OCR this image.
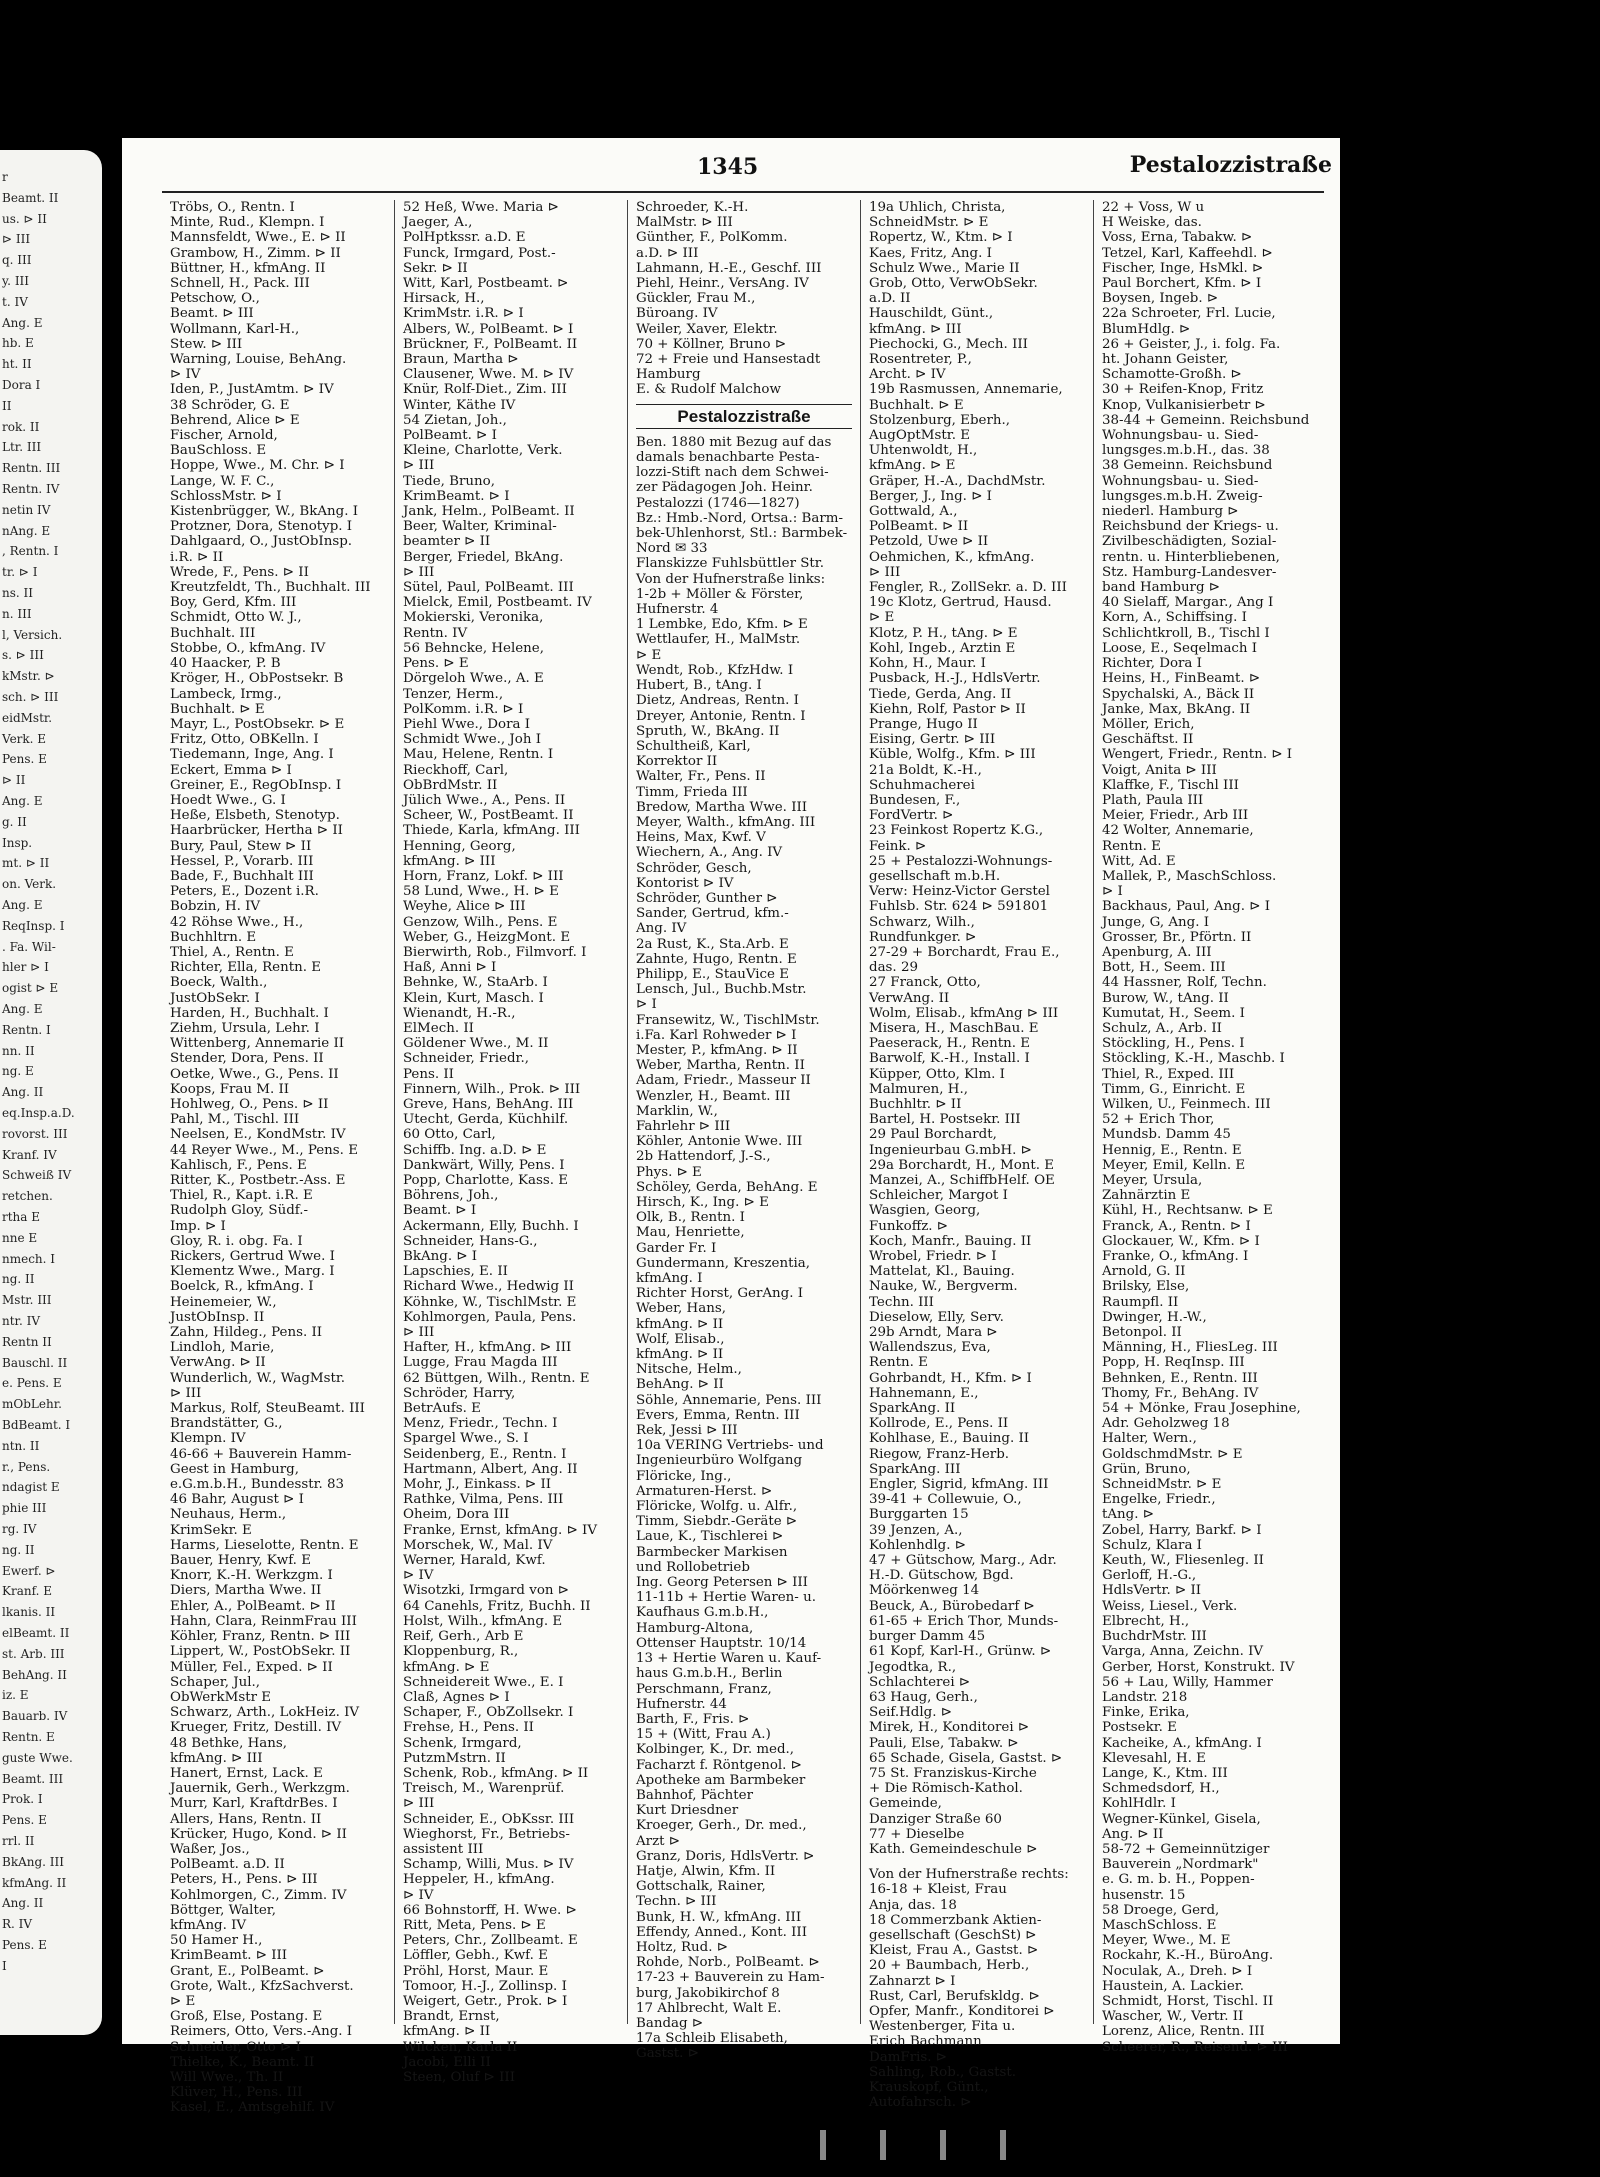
r
Beamt. II
us. ⊳ II
⊳ III
q. III
y. III
t. IV
Ang. E
hb. E
ht. II
Dora I
II
rok. II
Ltr. III
Rentn. III
Rentn. IV
netin IV
nAng. E
, Rentn. I
tr. ⊳ I
ns. II
n. III
l, Versich.
s. ⊳ III
kMstr. ⊳
sch. ⊳ III
eidMstr.
Verk. E
Pens. E
⊳ II
Ang. E
g. II
Insp.
mt. ⊳ II
on. Verk.
Ang. E
ReqInsp. I
. Fa. Wil-
hler ⊳ I
ogist ⊳ E
Ang. E
Rentn. I
nn. II
ng. E
Ang. II
eq.Insp.a.D.
rovorst. III
Kranf. IV
Schweiß IV
retchen.
rtha E
nne E
nmech. I
ng. II
Mstr. III
ntr. IV
Rentn II
Bauschl. II
e. Pens. E
mObLehr.
BdBeamt. I
ntn. II
r., Pens.
ndagist E
phie III
rg. IV
ng. II
Ewerf. ⊳
Kranf. E
lkanis. II
elBeamt. II
st. Arb. III
BehAng. II
iz. E
Bauarb. IV
Rentn. E
guste Wwe.
Beamt. III
Prok. I
Pens. E
rrl. II
BkAng. III
kfmAng. II
Ang. II
R. IV
Pens. E
I
1345	Pestalozzistraße
Tröbs, O., Rentn. I
Minte, Rud., Klempn. I
Mannsfeldt, Wwe., E. ⊳ II
Grambow, H., Zimm. ⊳ II
Büttner, H., kfmAng. II
Schnell, H., Pack. III
Petschow, O.,
Beamt. ⊳ III
Wollmann, Karl-H.,
Stew. ⊳ III
Warning, Louise, BehAng.
⊳ IV
Iden, P., JustAmtm. ⊳ IV
38 Schröder, G. E
Behrend, Alice ⊳ E
Fischer, Arnold,
BauSchloss. E
Hoppe, Wwe., M. Chr. ⊳ I
Lange, W. F. C.,
SchlossMstr. ⊳ I
Kistenbrügger, W., BkAng. I
Protzner, Dora, Stenotyp. I
Dahlgaard, O., JustObInsp.
i.R. ⊳ II
Wrede, F., Pens. ⊳ II
Kreutzfeldt, Th., Buchhalt. III
Boy, Gerd, Kfm. III
Schmidt, Otto W. J.,
Buchhalt. III
Stobbe, O., kfmAng. IV
40 Haacker, P. B
Kröger, H., ObPostsekr. B
Lambeck, Irmg.,
Buchhalt. ⊳ E
Mayr, L., PostObsekr. ⊳ E
Fritz, Otto, OBKelln. I
Tiedemann, Inge, Ang. I
Eckert, Emma ⊳ I
Greiner, E., RegObInsp. I
Hoedt Wwe., G. I
Heße, Elsbeth, Stenotyp.
Haarbrücker, Hertha ⊳ II
Bury, Paul, Stew ⊳ II
Hessel, P., Vorarb. III
Bade, F., Buchhalt III
Peters, E., Dozent i.R.
Bobzin, H. IV
42 Röhse Wwe., H.,
Buchhltrn. E
Thiel, A., Rentn. E
Richter, Ella, Rentn. E
Boeck, Walth.,
JustObSekr. I
Harden, H., Buchhalt. I
Ziehm, Ursula, Lehr. I
Wittenberg, Annemarie II
Stender, Dora, Pens. II
Oetke, Wwe., G., Pens. II
Koops, Frau M. II
Hohlweg, O., Pens. ⊳ II
Pahl, M., Tischl. III
Neelsen, E., KondMstr. IV
44 Reyer Wwe., M., Pens. E
Kahlisch, F., Pens. E
Ritter, K., Postbetr.-Ass. E
Thiel, R., Kapt. i.R. E
Rudolph Gloy, Südf.-
Imp. ⊳ I
Gloy, R. i. obg. Fa. I
Rickers, Gertrud Wwe. I
Klementz Wwe., Marg. I
Boelck, R., kfmAng. I
Heinemeier, W.,
JustObInsp. II
Zahn, Hildeg., Pens. II
Lindloh, Marie,
VerwAng. ⊳ II
Wunderlich, W., WagMstr.
⊳ III
Markus, Rolf, SteuBeamt. III
Brandstätter, G.,
Klempn. IV
46-66 + Bauverein Hamm-
Geest in Hamburg,
e.G.m.b.H., Bundesstr. 83
46 Bahr, August ⊳ I
Neuhaus, Herm.,
KrimSekr. E
Harms, Lieselotte, Rentn. E
Bauer, Henry, Kwf. E
Knorr, K.-H. Werkzgm. I
Diers, Martha Wwe. II
Ehler, A., PolBeamt. ⊳ II
Hahn, Clara, ReinmFrau III
Köhler, Franz, Rentn. ⊳ III
Lippert, W., PostObSekr. II
Müller, Fel., Exped. ⊳ II
Schaper, Jul.,
ObWerkMstr E
Schwarz, Arth., LokHeiz. IV
Krueger, Fritz, Destill. IV
48 Bethke, Hans,
kfmAng. ⊳ III
Hanert, Ernst, Lack. E
Jauernik, Gerh., Werkzgm.
Murr, Karl, KraftdrBes. I
Allers, Hans, Rentn. II
Krücker, Hugo, Kond. ⊳ II
Waßer, Jos.,
PolBeamt. a.D. II
Peters, H., Pens. ⊳ III
Kohlmorgen, C., Zimm. IV
Böttger, Walter,
kfmAng. IV
50 Hamer H.,
KrimBeamt. ⊳ III
Grant, E., PolBeamt. ⊳
Grote, Walt., KfzSachverst.
⊳ E
Groß, Else, Postang. E
Reimers, Otto, Vers.-Ang. I
Schneider, Otto ⊳ I
Thielke, K., Beamt. II
Will Wwe., Th. II
Klüver, H., Pens. III
Kasel, E., Amtsgehilf. IV
52 Heß, Wwe. Maria ⊳
Jaeger, A.,
PolHptkssr. a.D. E
Funck, Irmgard, Post.-
Sekr. ⊳ II
Witt, Karl, Postbeamt. ⊳
Hirsack, H.,
KrimMstr. i.R. ⊳ I
Albers, W., PolBeamt. ⊳ I
Brückner, F., PolBeamt. II
Braun, Martha ⊳
Clausener, Wwe. M. ⊳ IV
Knür, Rolf-Diet., Zim. III
Winter, Käthe IV
54 Zietan, Joh.,
PolBeamt. ⊳ I
Kleine, Charlotte, Verk.
⊳ III
Tiede, Bruno,
KrimBeamt. ⊳ I
Jank, Helm., PolBeamt. II
Beer, Walter, Kriminal-
beamter ⊳ II
Berger, Friedel, BkAng.
⊳ III
Sütel, Paul, PolBeamt. III
Mielck, Emil, Postbeamt. IV
Mokierski, Veronika,
Rentn. IV
56 Behncke, Helene,
Pens. ⊳ E
Dörgeloh Wwe., A. E
Tenzer, Herm.,
PolKomm. i.R. ⊳ I
Piehl Wwe., Dora I
Schmidt Wwe., Joh I
Mau, Helene, Rentn. I
Rieckhoff, Carl,
ObBrdMstr. II
Jülich Wwe., A., Pens. II
Scheer, W., PostBeamt. II
Thiede, Karla, kfmAng. III
Henning, Georg,
kfmAng. ⊳ III
Horn, Franz, Lokf. ⊳ III
58 Lund, Wwe., H. ⊳ E
Weyhe, Alice ⊳ III
Genzow, Wilh., Pens. E
Weber, G., HeizgMont. E
Bierwirth, Rob., Filmvorf. I
Haß, Anni ⊳ I
Behnke, W., StaArb. I
Klein, Kurt, Masch. I
Wienandt, H.-R.,
ElMech. II
Göldener Wwe., M. II
Schneider, Friedr.,
Pens. II
Finnern, Wilh., Prok. ⊳ III
Greve, Hans, BehAng. III
Utecht, Gerda, Küchhilf.
60 Otto, Carl,
Schiffb. Ing. a.D. ⊳ E
Dankwärt, Willy, Pens. I
Popp, Charlotte, Kass. E
Böhrens, Joh.,
Beamt. ⊳ I
Ackermann, Elly, Buchh. I
Schneider, Hans-G.,
BkAng. ⊳ I
Lapschies, E. II
Richard Wwe., Hedwig II
Köhnke, W., TischlMstr. E
Kohlmorgen, Paula, Pens.
⊳ III
Hafter, H., kfmAng. ⊳ III
Lugge, Frau Magda III
62 Büttgen, Wilh., Rentn. E
Schröder, Harry,
BetrAufs. E
Menz, Friedr., Techn. I
Spargel Wwe., S. I
Seidenberg, E., Rentn. I
Hartmann, Albert, Ang. II
Mohr, J., Einkass. ⊳ II
Rathke, Vilma, Pens. III
Oheim, Dora III
Franke, Ernst, kfmAng. ⊳ IV
Morschek, W., Mal. IV
Werner, Harald, Kwf.
⊳ IV
Wisotzki, Irmgard von ⊳
64 Canehls, Fritz, Buchh. II
Holst, Wilh., kfmAng. E
Reif, Gerh., Arb E
Kloppenburg, R.,
kfmAng. ⊳ E
Schneidereit Wwe., E. I
Claß, Agnes ⊳ I
Schaper, F., ObZollsekr. I
Frehse, H., Pens. II
Schenk, Irmgard,
PutzmMstrn. II
Schenk, Rob., kfmAng. ⊳ II
Treisch, M., Warenprüf.
⊳ III
Schneider, E., ObKssr. III
Wieghorst, Fr., Betriebs-
assistent III
Schamp, Willi, Mus. ⊳ IV
Heppeler, H., kfmAng.
⊳ IV
66 Bohnstorff, H. Wwe. ⊳
Ritt, Meta, Pens. ⊳ E
Peters, Chr., Zollbeamt. E
Löffler, Gebh., Kwf. E
Pröhl, Horst, Maur. E
Tomoor, H.-J., Zollinsp. I
Weigert, Getr., Prok. ⊳ I
Brandt, Ernst,
kfmAng. ⊳ II
Wilcken, Karla II
Jacobi, Elli II
Steen, Oluf ⊳ III
Schroeder, K.-H.
MalMstr. ⊳ III
Günther, F., PolKomm.
a.D. ⊳ III
Lahmann, H.-E., Geschf. III
Piehl, Heinr., VersAng. IV
Gückler, Frau M.,
Büroang. IV
Weiler, Xaver, Elektr.
70 + Köllner, Bruno ⊳
72 + Freie und Hansestadt
Hamburg
E. & Rudolf Malchow
Pestalozzistraße
Ben. 1880 mit Bezug auf das
damals benachbarte Pesta-
lozzi-Stift nach dem Schwei-
zer Pädagogen Joh. Heinr.
Pestalozzi (1746—1827)
Bz.: Hmb.-Nord, Ortsa.: Barm-
bek-Uhlenhorst, Stl.: Barmbek-
Nord ✉ 33
Flanskizze Fuhlsbüttler Str.
Von der Hufnerstraße links:
1-2b + Möller & Förster,
Hufnerstr. 4
1 Lembke, Edo, Kfm. ⊳ E
Wettlaufer, H., MalMstr.
⊳ E
Wendt, Rob., KfzHdw. I
Hubert, B., tAng. I
Dietz, Andreas, Rentn. I
Dreyer, Antonie, Rentn. I
Spruth, W., BkAng. II
Schultheiß, Karl,
Korrektor II
Walter, Fr., Pens. II
Timm, Frieda III
Bredow, Martha Wwe. III
Meyer, Walth., kfmAng. III
Heins, Max, Kwf. V
Wiechern, A., Ang. IV
Schröder, Gesch,
Kontorist ⊳ IV
Schröder, Gunther ⊳
Sander, Gertrud, kfm.-
Ang. IV
2a Rust, K., Sta.Arb. E
Zahnte, Hugo, Rentn. E
Philipp, E., StauVice E
Lensch, Jul., Buchb.Mstr.
⊳ I
Fransewitz, W., TischlMstr.
i.Fa. Karl Rohweder ⊳ I
Mester, P., kfmAng. ⊳ II
Weber, Martha, Rentn. II
Adam, Friedr., Masseur II
Wenzler, H., Beamt. III
Marklin, W.,
Fahrlehr ⊳ III
Köhler, Antonie Wwe. III
2b Hattendorf, J.-S.,
Phys. ⊳ E
Schöley, Gerda, BehAng. E
Hirsch, K., Ing. ⊳ E
Olk, B., Rentn. I
Mau, Henriette,
Garder Fr. I
Gundermann, Kreszentia,
kfmAng. I
Richter Horst, GerAng. I
Weber, Hans,
kfmAng. ⊳ II
Wolf, Elisab.,
kfmAng. ⊳ II
Nitsche, Helm.,
BehAng. ⊳ II
Söhle, Annemarie, Pens. III
Evers, Emma, Rentn. III
Rek, Jessi ⊳ III
10a VERING Vertriebs- und
Ingenieurbüro Wolfgang
Flöricke, Ing.,
Armaturen-Herst. ⊳
Flöricke, Wolfg. u. Alfr.,
Timm, Siebdr.-Geräte ⊳
Laue, K., Tischlerei ⊳
Barmbecker Markisen
und Rollobetrieb
Ing. Georg Petersen ⊳ III
11-11b + Hertie Waren- u.
Kaufhaus G.m.b.H.,
Hamburg-Altona,
Ottenser Hauptstr. 10/14
13 + Hertie Waren u. Kauf-
haus G.m.b.H., Berlin
Perschmann, Franz,
Hufnerstr. 44
Barth, F., Fris. ⊳
15 + (Witt, Frau A.)
Kolbinger, K., Dr. med.,
Facharzt f. Röntgenol. ⊳
Apotheke am Barmbeker
Bahnhof, Pächter
Kurt Driesdner
Kroeger, Gerh., Dr. med.,
Arzt ⊳
Granz, Doris, HdlsVertr. ⊳
Hatje, Alwin, Kfm. II
Gottschalk, Rainer,
Techn. ⊳ III
Bunk, H. W., kfmAng. III
Effendy, Anned., Kont. III
Holtz, Rud. ⊳
Rohde, Norb., PolBeamt. ⊳
17-23 + Bauverein zu Ham-
burg, Jakobikirchof 8
17 Ahlbrecht, Walt E.
Bandag ⊳
17a Schleib Elisabeth,
Gastst. ⊳
19a Uhlich, Christa,
SchneidMstr. ⊳ E
Ropertz, W., Ktm. ⊳ I
Kaes, Fritz, Ang. I
Schulz Wwe., Marie II
Grob, Otto, VerwObSekr.
a.D. II
Hauschildt, Günt.,
kfmAng. ⊳ III
Piechocki, G., Mech. III
Rosentreter, P.,
Archt. ⊳ IV
19b Rasmussen, Annemarie,
Buchhalt. ⊳ E
Stolzenburg, Eberh.,
AugOptMstr. E
Uhtenwoldt, H.,
kfmAng. ⊳ E
Gräper, H.-A., DachdMstr.
Berger, J., Ing. ⊳ I
Gottwald, A.,
PolBeamt. ⊳ II
Petzold, Uwe ⊳ II
Oehmichen, K., kfmAng.
⊳ III
Fengler, R., ZollSekr. a. D. III
19c Klotz, Gertrud, Hausd.
⊳ E
Klotz, P. H., tAng. ⊳ E
Kohl, Ingeb., Arztin E
Kohn, H., Maur. I
Pusback, H.-J., HdlsVertr.
Tiede, Gerda, Ang. II
Kiehn, Rolf, Pastor ⊳ II
Prange, Hugo II
Eising, Gertr. ⊳ III
Küble, Wolfg., Kfm. ⊳ III
21a Boldt, K.-H.,
Schuhmacherei
Bundesen, F.,
FordVertr. ⊳
23 Feinkost Ropertz K.G.,
Feink. ⊳
25 + Pestalozzi-Wohnungs-
gesellschaft m.b.H.
Verw: Heinz-Victor Gerstel
Fuhlsb. Str. 624 ⊳ 591801
Schwarz, Wilh.,
Rundfunkger. ⊳
27-29 + Borchardt, Frau E.,
das. 29
27 Franck, Otto,
VerwAng. II
Wolm, Elisab., kfmAng ⊳ III
Misera, H., MaschBau. E
Paeserack, H., Rentn. E
Barwolf, K.-H., Install. I
Küpper, Otto, Klm. I
Malmuren, H.,
Buchhltr. ⊳ II
Bartel, H. Postsekr. III
29 Paul Borchardt,
Ingenieurbau G.mbH. ⊳
29a Borchardt, H., Mont. E
Manzei, A., SchiffbHelf. OE
Schleicher, Margot I
Wasgien, Georg,
Funkoffz. ⊳
Koch, Manfr., Bauing. II
Wrobel, Friedr. ⊳ I
Mattelat, Kl., Bauing.
Nauke, W., Bergverm.
Techn. III
Dieselow, Elly, Serv.
29b Arndt, Mara ⊳
Wallendszus, Eva,
Rentn. E
Gohrbandt, H., Kfm. ⊳ I
Hahnemann, E.,
SparkAng. II
Kollrode, E., Pens. II
Kohlhase, E., Bauing. II
Riegow, Franz-Herb.
SparkAng. III
Engler, Sigrid, kfmAng. III
39-41 + Collewuie, O.,
Burggarten 15
39 Jenzen, A.,
Kohlenhdlg. ⊳
47 + Gütschow, Marg., Adr.
H.-D. Gütschow, Bgd.
Möörkenweg 14
Beuck, A., Bürobedarf ⊳
61-65 + Erich Thor, Munds-
burger Damm 45
61 Kopf, Karl-H., Grünw. ⊳
Jegodtka, R.,
Schlachterei ⊳
63 Haug, Gerh.,
Seif.Hdlg. ⊳
Mirek, H., Konditorei ⊳
Pauli, Else, Tabakw. ⊳
65 Schade, Gisela, Gastst. ⊳
75 St. Franziskus-Kirche
+ Die Römisch-Kathol.
Gemeinde,
Danziger Straße 60
77 + Dieselbe
Kath. Gemeindeschule ⊳
Von der Hufnerstraße rechts:
16-18 + Kleist, Frau
Anja, das. 18
18 Commerzbank Aktien-
gesellschaft (GeschSt) ⊳
Kleist, Frau A., Gastst. ⊳
20 + Baumbach, Herb.,
Zahnarzt ⊳ I
Rust, Carl, Berufskldg. ⊳
Opfer, Manfr., Konditorei ⊳
Westenberger, Fita u.
Erich Bachmann
DamFris. ⊳
Sahling, Rob., Gastst.
Krauskopf, Günt.,
Autofahrsch. ⊳
22 + Voss, W u
H Weiske, das.
Voss, Erna, Tabakw. ⊳
Tetzel, Karl, Kaffeehdl. ⊳
Fischer, Inge, HsMkl. ⊳
Paul Borchert, Kfm. ⊳ I
Boysen, Ingeb. ⊳
22a Schroeter, Frl. Lucie,
BlumHdlg. ⊳
26 + Geister, J., i. folg. Fa.
ht. Johann Geister,
Schamotte-Großh. ⊳
30 + Reifen-Knop, Fritz
Knop, Vulkanisierbetr ⊳
38-44 + Gemeinn. Reichsbund
Wohnungsbau- u. Sied-
lungsges.m.b.H., das. 38
38 Gemeinn. Reichsbund
Wohnungsbau- u. Sied-
lungsges.m.b.H. Zweig-
niederl. Hamburg ⊳
Reichsbund der Kriegs- u.
Zivilbeschädigten, Sozial-
rentn. u. Hinterbliebenen,
Stz. Hamburg-Landesver-
band Hamburg ⊳
40 Sielaff, Margar., Ang I
Korn, A., Schiffsing. I
Schlichtkroll, B., Tischl I
Loose, E., Seqelmach I
Richter, Dora I
Heins, H., FinBeamt. ⊳
Spychalski, A., Bäck II
Janke, Max, BkAng. II
Möller, Erich,
Geschäftst. II
Wengert, Friedr., Rentn. ⊳ I
Voigt, Anita ⊳ III
Klaffke, F., Tischl III
Plath, Paula III
Meier, Friedr., Arb III
42 Wolter, Annemarie,
Rentn. E
Witt, Ad. E
Mallek, P., MaschSchloss.
⊳ I
Backhaus, Paul, Ang. ⊳ I
Junge, G, Ang. I
Grosser, Br., Pförtn. II
Apenburg, A. III
Bott, H., Seem. III
44 Hassner, Rolf, Techn.
Burow, W., tAng. II
Kumutat, H., Seem. I
Schulz, A., Arb. II
Stöckling, H., Pens. I
Stöckling, K.-H., Maschb. I
Thiel, R., Exped. III
Timm, G., Einricht. E
Wilken, U., Feinmech. III
52 + Erich Thor,
Mundsb. Damm 45
Hennig, E., Rentn. E
Meyer, Emil, Kelln. E
Meyer, Ursula,
Zahnärztin E
Kühl, H., Rechtsanw. ⊳ E
Franck, A., Rentn. ⊳ I
Glockauer, W., Kfm. ⊳ I
Franke, O., kfmAng. I
Arnold, G. II
Brilsky, Else,
Raumpfl. II
Dwinger, H.-W.,
Betonpol. II
Männing, H., FliesLeg. III
Popp, H. ReqInsp. III
Behnken, E., Rentn. III
Thomy, Fr., BehAng. IV
54 + Mönke, Frau Josephine,
Adr. Geholzweg 18
Halter, Wern.,
GoldschmdMstr. ⊳ E
Grün, Bruno,
SchneidMstr. ⊳ E
Engelke, Friedr.,
tAng. ⊳
Zobel, Harry, Barkf. ⊳ I
Schulz, Klara I
Keuth, W., Fliesenleg. II
Gerloff, H.-G.,
HdlsVertr. ⊳ II
Weiss, Liesel., Verk.
Elbrecht, H.,
BuchdrMstr. III
Varga, Anna, Zeichn. IV
Gerber, Horst, Konstrukt. IV
56 + Lau, Willy, Hammer
Landstr. 218
Finke, Erika,
Postsekr. E
Kacheike, A., kfmAng. I
Klevesahl, H. E
Lange, K., Ktm. III
Schmedsdorf, H.,
KohlHdlr. I
Wegner-Künkel, Gisela,
Ang. ⊳ II
58-72 + Gemeinnütziger
Bauverein „Nordmark"
e. G. m. b. H., Poppen-
husenstr. 15
58 Droege, Gerd,
MaschSchloss. E
Meyer, Wwe., M. E
Rockahr, K.-H., BüroAng.
Noculak, A., Dreh. ⊳ I
Haustein, A. Lackier.
Schmidt, Horst, Tischl. II
Wascher, W., Vertr. II
Lorenz, Alice, Rentn. III
Scheerer, R., Reisend. ⊳ III
